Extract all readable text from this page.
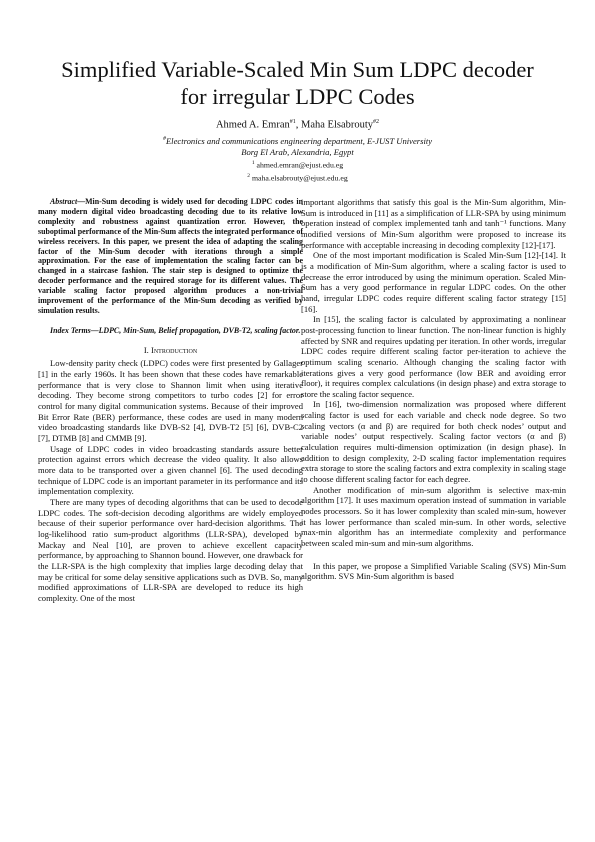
Simplified Variable-Scaled Min Sum LDPC decoder
for irregular LDPC Codes
Ahmed A. Emran$^{\#1}$, Maha Elsabrouty$^{\#2}$
#Electronics and communications engineering department, E-JUST University
Borg El Arab, Alexandria, Egypt
$^1$ ahmed.emran@ejust.edu.eg
$^2$ maha.elsabrouty@ejust.edu.eg

Abstract—Min-Sum decoding is widely used for decoding LDPC codes in many modern digital video broadcasting decoding due to its relative low complexity and robustness against quantization error. However, the suboptimal performance of the Min-Sum affects the integrated performance of wireless receivers. In this paper, we present the idea of adapting the scaling factor of the Min-Sum decoder with iterations through a simple approximation. For the ease of implementation the scaling factor can be changed in a staircase fashion. The stair step is designed to optimize the decoder performance and the required storage for its different values. The variable scaling factor proposed algorithm produces a non-trivial improvement of the performance of the Min-Sum decoding as verified by simulation results.

Index Terms—LDPC, Min-Sum, Belief propagation, DVB-T2, scaling factor.

I. Introduction

Low-density parity check (LDPC) codes were first presented by Gallager [1] in the early 1960s. It has been shown that these codes have remarkable performance that is very close to Shannon limit when using iterative decoding. They become strong competitors to turbo codes [2] for error control for many digital communication systems. Because of their improved Bit Error Rate (BER) performance, these codes are used in many modern video broadcasting standards like DVB-S2 [4], DVB-T2 [5] [6], DVB-C2 [7], DTMB [8] and CMMB [9].

Usage of LDPC codes in video broadcasting standards assure better protection against errors which decrease the video quality. It also allows more data to be transported over a given channel [6]. The used decoding technique of LDPC code is an important parameter in its performance and its implementation complexity.

There are many types of decoding algorithms that can be used to decode LDPC codes. The soft-decision decoding algorithms are widely employed because of their superior performance over hard-decision algorithms. The log-likelihood ratio sum-product algorithms (LLR-SPA), developed by Mackay and Neal [10], are proven to achieve excellent capacity performance, by approaching to Shannon bound. However, one drawback for the LLR-SPA is the high complexity that implies large decoding delay that may be critical for some delay sensitive applications such as DVB. So, many modified approximations of LLR-SPA are developed to reduce its high complexity. One of the most

important algorithms that satisfy this goal is the Min-Sum algorithm, Min-Sum is introduced in [11] as a simplification of LLR-SPA by using minimum operation instead of complex implemented tanh and tanh⁻¹ functions. Many modified versions of Min-Sum algorithm were proposed to increase its performance with acceptable increasing in decoding complexity [12]-[17].

One of the most important modification is Scaled Min-Sum [12]-[14]. It is a modification of Min-Sum algorithm, where a scaling factor is used to decrease the error introduced by using the minimum operation. Scaled Min-Sum has a very good performance in regular LDPC codes. On the other hand, irregular LDPC codes require different scaling factor strategy [15] [16].

In [15], the scaling factor is calculated by approximating a nonlinear post-processing function to linear function. The non-linear function is highly affected by SNR and requires updating per iteration. In other words, irregular LDPC codes require different scaling factor per-iteration to achieve the optimum scaling scenario. Although changing the scaling factor with iterations gives a very good performance (low BER and avoiding error floor), it requires complex calculations (in design phase) and extra storage to store the scaling factor sequence.

In [16], two-dimension normalization was proposed where different scaling factor is used for each variable and check node degree. So two scaling vectors (α and β) are required for both check nodes’ output and variable nodes’ output respectively. Scaling factor vectors (α and β) calculation requires multi-dimension optimization (in design phase). In addition to design complexity, 2-D scaling factor implementation requires extra storage to store the scaling factors and extra complexity in scaling stage to choose different scaling factor for each degree.

Another modification of min-sum algorithm is selective max-min algorithm [17]. It uses maximum operation instead of summation in variable nodes processors. So it has lower complexity than scaled min-sum, however it has lower performance than scaled min-sum. In other words, selective max-min algorithm has an intermediate complexity and performance between scaled min-sum and min-sum algorithms.

In this paper, we propose a Simplified Variable Scaling (SVS) Min-Sum algorithm. SVS Min-Sum algorithm is based
